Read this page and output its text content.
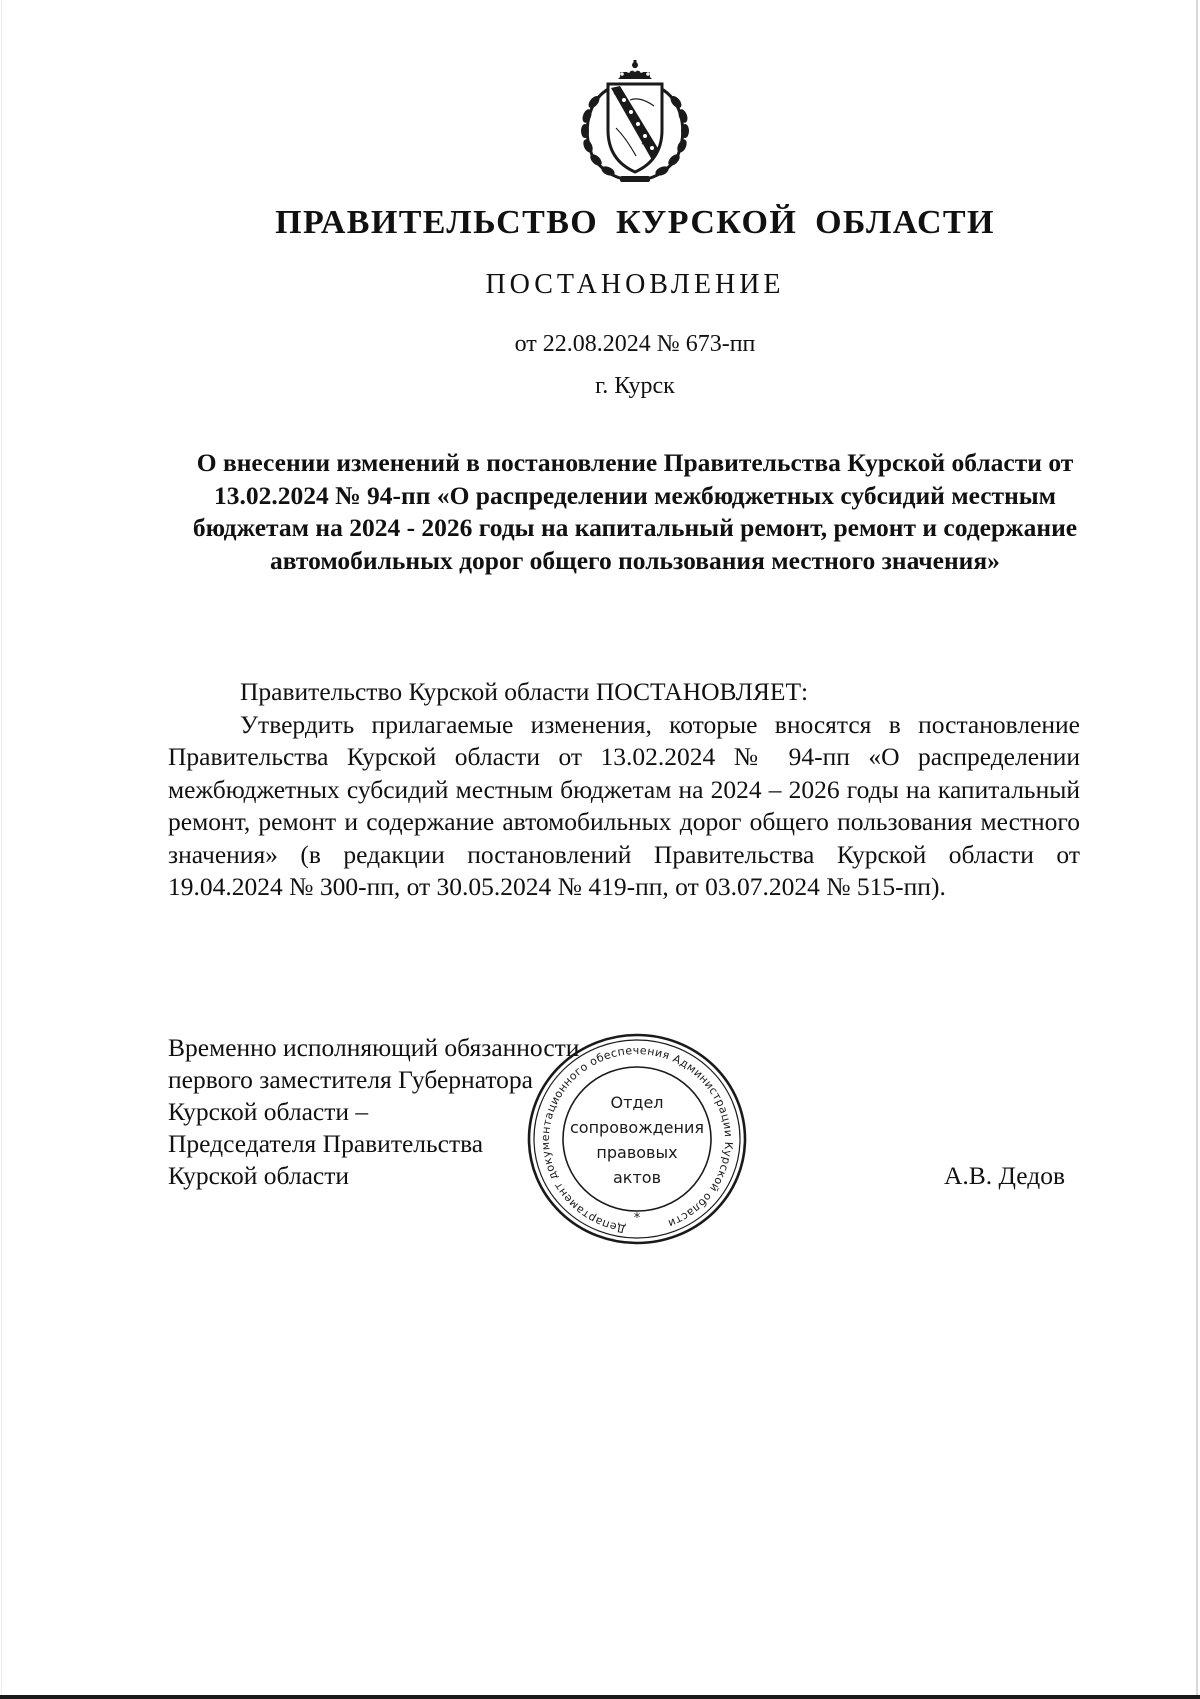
ПРАВИТЕЛЬСТВО КУРСКОЙ ОБЛАСТИ
ПОСТАНОВЛЕНИЕ
от 22.08.2024 № 673-пп
г. Курск
О внесении изменений в постановление Правительства Курской области от 13.02.2024 № 94-пп «О распределении межбюджетных субсидий местным бюджетам на 2024 - 2026 годы на капитальный ремонт, ремонт и содержание автомобильных дорог общего пользования местного значения»

Правительство Курской области ПОСТАНОВЛЯЕТ:

Утвердить прилагаемые изменения, которые вносятся в постановление Правительства Курской области от 13.02.2024 № 94-пп «О распределении межбюджетных субсидий местным бюджетам на 2024 – 2026 годы на капитальный ремонт, ремонт и содержание автомобильных дорог общего пользования местного значения» (в редакции постановлений Правительства Курской области от 19.04.2024 № 300-пп, от 30.05.2024 № 419-пп, от 03.07.2024 № 515-пп).

Временно исполняющий обязанности
первого заместителя Губернатора
Курской области –
Председателя Правительства
Курской области	А.В. Дедов
Департамент документационного обеспечения Администрации Курской области
*
Отдел
сопровождения
правовых
актов
